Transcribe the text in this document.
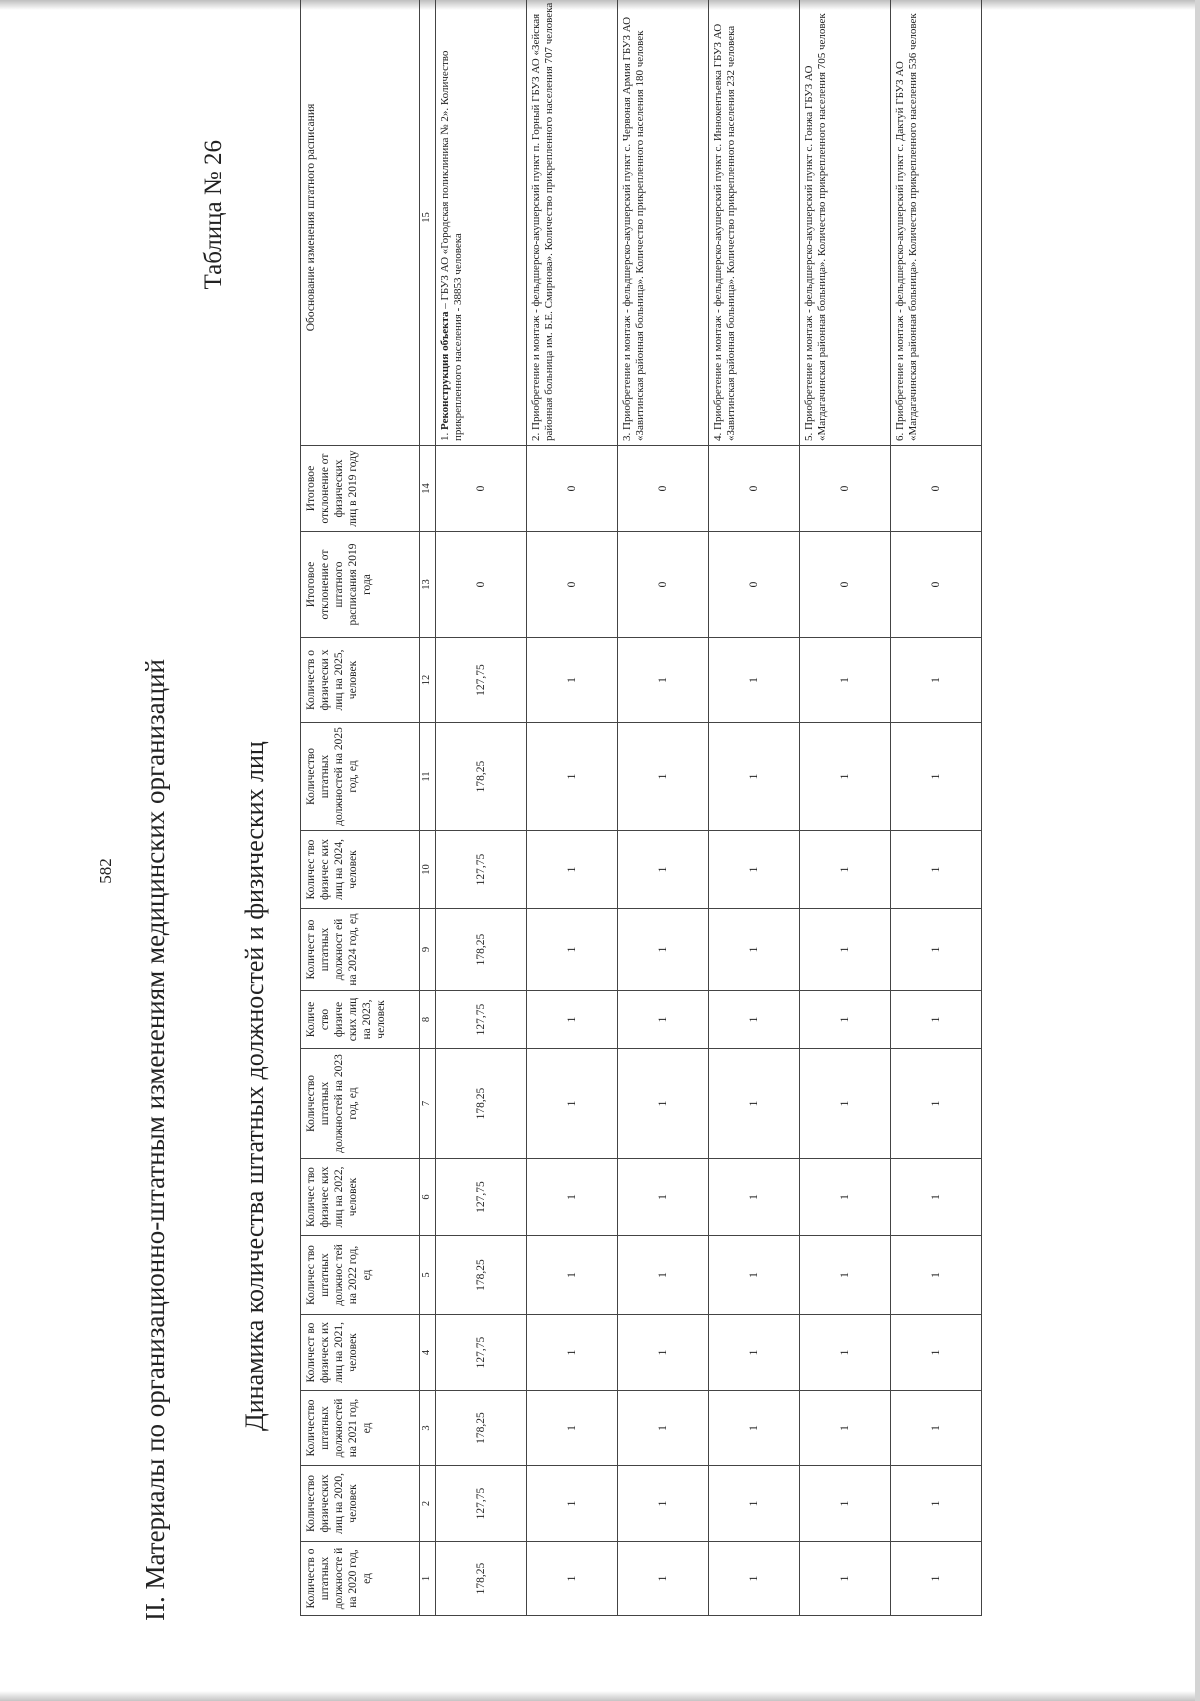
II. Материалы по организационно-штатным изменениям медицинских организаций
582
Таблица № 26
Динамика количества штатных должностей и физических лиц
Количеств о штатных должносте й на 2020 год, ед	Количество физических лиц на 2020, человек	Количество штатных должностей на 2021 год, ед	Количест во физическ их лиц на 2021, человек	Количес тво штатных должнос тей на 2022 год, ед	Количес тво физичес ких лиц на 2022, человек	Количество штатных должностей на 2023 год, ед	Количе ство физиче ских лиц на 2023, человек	Количест во штатных должност ей на 2024 год, ед	Количес тво физичес ких лиц на 2024, человек	Количество штатных должностей на 2025 год, ед	Количеств о физически х лиц на 2025, человек	Итоговое отклонение от штатного расписания 2019 года	Итоговое отклонение от физических лиц в 2019 году	Обоснование изменения штатного расписания
1	2	3	4	5	6	7	8	9	10	11	12	13	14	15
178,25	127,75	178,25	127,75	178,25	127,75	178,25	127,75	178,25	127,75	178,25	127,75	0	0	1. Реконструкция объекта – ГБУЗ АО «Городская поликлиника № 2». Количество прикрепленного населения - 38853 человека
1	1	1	1	1	1	1	1	1	1	1	1	0	0	2. Приобретение и монтаж - фельдшерско-акушерский пункт п. Горный ГБУЗ АО «Зейская районная больница им. Б.Е. Смирнова». Количество прикрепленного населения 707 человека
1	1	1	1	1	1	1	1	1	1	1	1	0	0	3. Приобретение и монтаж - фельдшерско-акушерский пункт с. Червоная Армия ГБУЗ АО «Завитинская районная больница». Количество прикрепленного населения 180 человек
1	1	1	1	1	1	1	1	1	1	1	1	0	0	4. Приобретение и монтаж - фельдшерско-акушерский пункт с. Иннокентьевка ГБУЗ АО «Завитинская районная больница». Количество прикрепленного населения 232 человека
1	1	1	1	1	1	1	1	1	1	1	1	0	0	5. Приобретение и монтаж - фельдшерско-акушерский пункт с. Гонжа ГБУЗ АО «Магдагачинская районная больница». Количество прикрепленного населения 705 человек
1	1	1	1	1	1	1	1	1	1	1	1	0	0	6. Приобретение и монтаж - фельдшерско-акушерский пункт с. Дактуй ГБУЗ АО «Магдагачинская районная больница». Количество прикрепленного населения 536 человек
